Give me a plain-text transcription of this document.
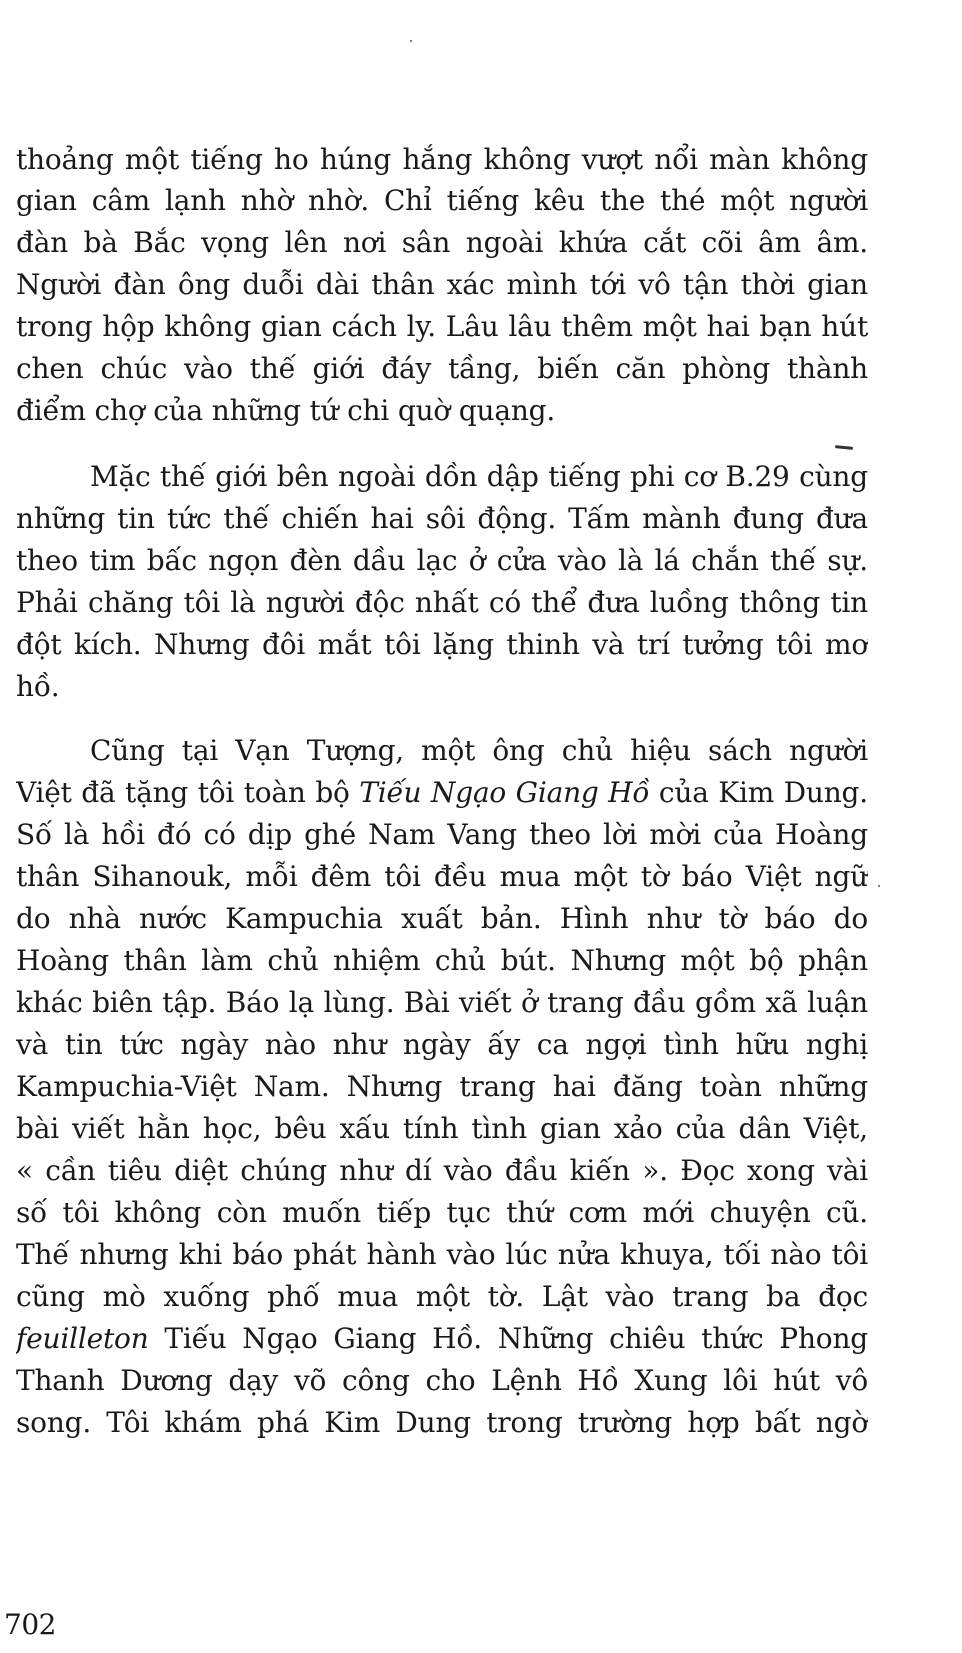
thoảng một tiếng ho húng hắng không vượt nổi màn không
gian câm lạnh nhờ nhờ. Chỉ tiếng kêu the thé một người
đàn bà Bắc vọng lên nơi sân ngoài khứa cắt cõi âm âm.
Người đàn ông duỗi dài thân xác mình tới vô tận thời gian
trong hộp không gian cách ly. Lâu lâu thêm một hai bạn hút
chen chúc vào thế giới đáy tầng, biến căn phòng thành
điểm chợ của những tứ chi quờ quạng.
Mặc thế giới bên ngoài dồn dập tiếng phi cơ B.29 cùng
những tin tức thế chiến hai sôi động. Tấm mành đung đưa
theo tim bấc ngọn đèn dầu lạc ở cửa vào là lá chắn thế sự.
Phải chăng tôi là người độc nhất có thể đưa luồng thông tin
đột kích. Nhưng đôi mắt tôi lặng thinh và trí tưởng tôi mơ
hồ.
Cũng tại Vạn Tượng, một ông chủ hiệu sách người
Việt đã tặng tôi toàn bộ Tiếu Ngạo Giang Hồ của Kim Dung.
Số là hồi đó có dịp ghé Nam Vang theo lời mời của Hoàng
thân Sihanouk, mỗi đêm tôi đều mua một tờ báo Việt ngữ
do nhà nước Kampuchia xuất bản. Hình như tờ báo do
Hoàng thân làm chủ nhiệm chủ bút. Nhưng một bộ phận
khác biên tập. Báo lạ lùng. Bài viết ở trang đầu gồm xã luận
và tin tức ngày nào như ngày ấy ca ngợi tình hữu nghị
Kampuchia-Việt Nam. Nhưng trang hai đăng toàn những
bài viết hằn học, bêu xấu tính tình gian xảo của dân Việt,
« cần tiêu diệt chúng như dí vào đầu kiến ». Đọc xong vài
số tôi không còn muốn tiếp tục thứ cơm mới chuyện cũ.
Thế nhưng khi báo phát hành vào lúc nửa khuya, tối nào tôi
cũng mò xuống phố mua một tờ. Lật vào trang ba đọc
feuilleton Tiếu Ngạo Giang Hồ. Những chiêu thức Phong
Thanh Dương dạy võ công cho Lệnh Hồ Xung lôi hút vô
song. Tôi khám phá Kim Dung trong trường hợp bất ngờ
702
